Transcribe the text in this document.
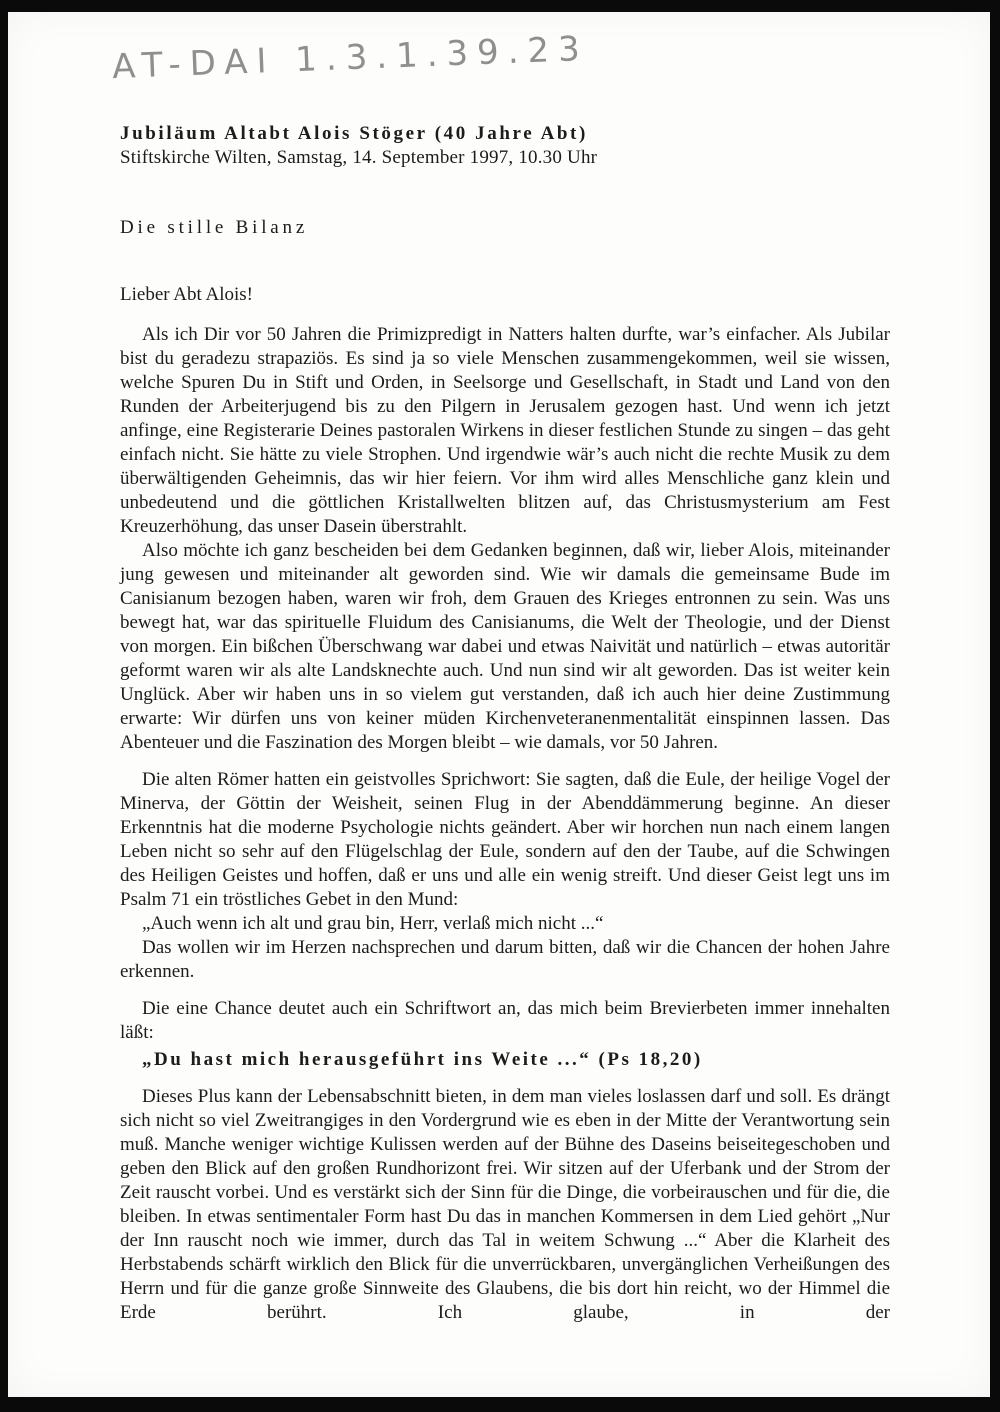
AT-DAI 1.3.1.39.23
Jubiläum Altabt Alois Stöger (40 Jahre Abt)
Stiftskirche Wilten, Samstag, 14. September 1997, 10.30 Uhr
Die stille Bilanz
Lieber Abt Alois!

Als ich Dir vor 50 Jahren die Primizpredigt in Natters halten durfte, war’s einfacher. Als Jubilar bist du geradezu strapaziös. Es sind ja so viele Menschen zusammengekommen, weil sie wissen, welche Spuren Du in Stift und Orden, in Seelsorge und Gesellschaft, in Stadt und Land von den Runden der Arbeiterjugend bis zu den Pilgern in Jerusalem gezogen hast. Und wenn ich jetzt anfinge, eine Registerarie Deines pastoralen Wirkens in dieser festlichen Stunde zu singen – das geht einfach nicht. Sie hätte zu viele Strophen. Und irgendwie wär’s auch nicht die rechte Musik zu dem überwältigenden Geheimnis, das wir hier feiern. Vor ihm wird alles Menschliche ganz klein und unbedeutend und die göttlichen Kristallwelten blitzen auf, das Christusmysterium am Fest Kreuzerhöhung, das unser Dasein überstrahlt.

Also möchte ich ganz bescheiden bei dem Gedanken beginnen, daß wir, lieber Alois, miteinander jung gewesen und miteinander alt geworden sind. Wie wir damals die gemeinsame Bude im Canisianum bezogen haben, waren wir froh, dem Grauen des Krieges entronnen zu sein. Was uns bewegt hat, war das spirituelle Fluidum des Canisianums, die Welt der Theologie, und der Dienst von morgen. Ein bißchen Überschwang war dabei und etwas Naivität und natürlich – etwas autoritär geformt waren wir als alte Landsknechte auch. Und nun sind wir alt geworden. Das ist weiter kein Unglück. Aber wir haben uns in so vielem gut verstanden, daß ich auch hier deine Zustimmung erwarte: Wir dürfen uns von keiner müden Kirchenveteranenmentalität einspinnen lassen. Das Abenteuer und die Faszination des Morgen bleibt – wie damals, vor 50 Jahren.

Die alten Römer hatten ein geistvolles Sprichwort: Sie sagten, daß die Eule, der heilige Vogel der Minerva, der Göttin der Weisheit, seinen Flug in der Abenddämmerung beginne. An dieser Erkenntnis hat die moderne Psychologie nichts geändert. Aber wir horchen nun nach einem langen Leben nicht so sehr auf den Flügelschlag der Eule, sondern auf den der Taube, auf die Schwingen des Heiligen Geistes und hoffen, daß er uns und alle ein wenig streift. Und dieser Geist legt uns im Psalm 71 ein tröstliches Gebet in den Mund:

„Auch wenn ich alt und grau bin, Herr, verlaß mich nicht ...“

Das wollen wir im Herzen nachsprechen und darum bitten, daß wir die Chancen der hohen Jahre erkennen.

Die eine Chance deutet auch ein Schriftwort an, das mich beim Brevierbeten immer innehalten läßt:

„Du hast mich herausgeführt ins Weite ...“ (Ps 18,20)

Dieses Plus kann der Lebensabschnitt bieten, in dem man vieles loslassen darf und soll. Es drängt sich nicht so viel Zweitrangiges in den Vordergrund wie es eben in der Mitte der Verantwortung sein muß. Manche weniger wichtige Kulissen werden auf der Bühne des Daseins beiseitegeschoben und geben den Blick auf den großen Rundhorizont frei. Wir sitzen auf der Uferbank und der Strom der Zeit rauscht vorbei. Und es verstärkt sich der Sinn für die Dinge, die vorbeirauschen und für die, die bleiben. In etwas sentimentaler Form hast Du das in manchen Kommersen in dem Lied gehört „Nur der Inn rauscht noch wie immer, durch das Tal in weitem Schwung ...“ Aber die Klarheit des Herbstabends schärft wirklich den Blick für die unverrückbaren, unvergänglichen Verheißungen des Herrn und für die ganze große Sinnweite des Glaubens, die bis dort hin reicht, wo der Himmel die Erde berührt. Ich glaube, in der
